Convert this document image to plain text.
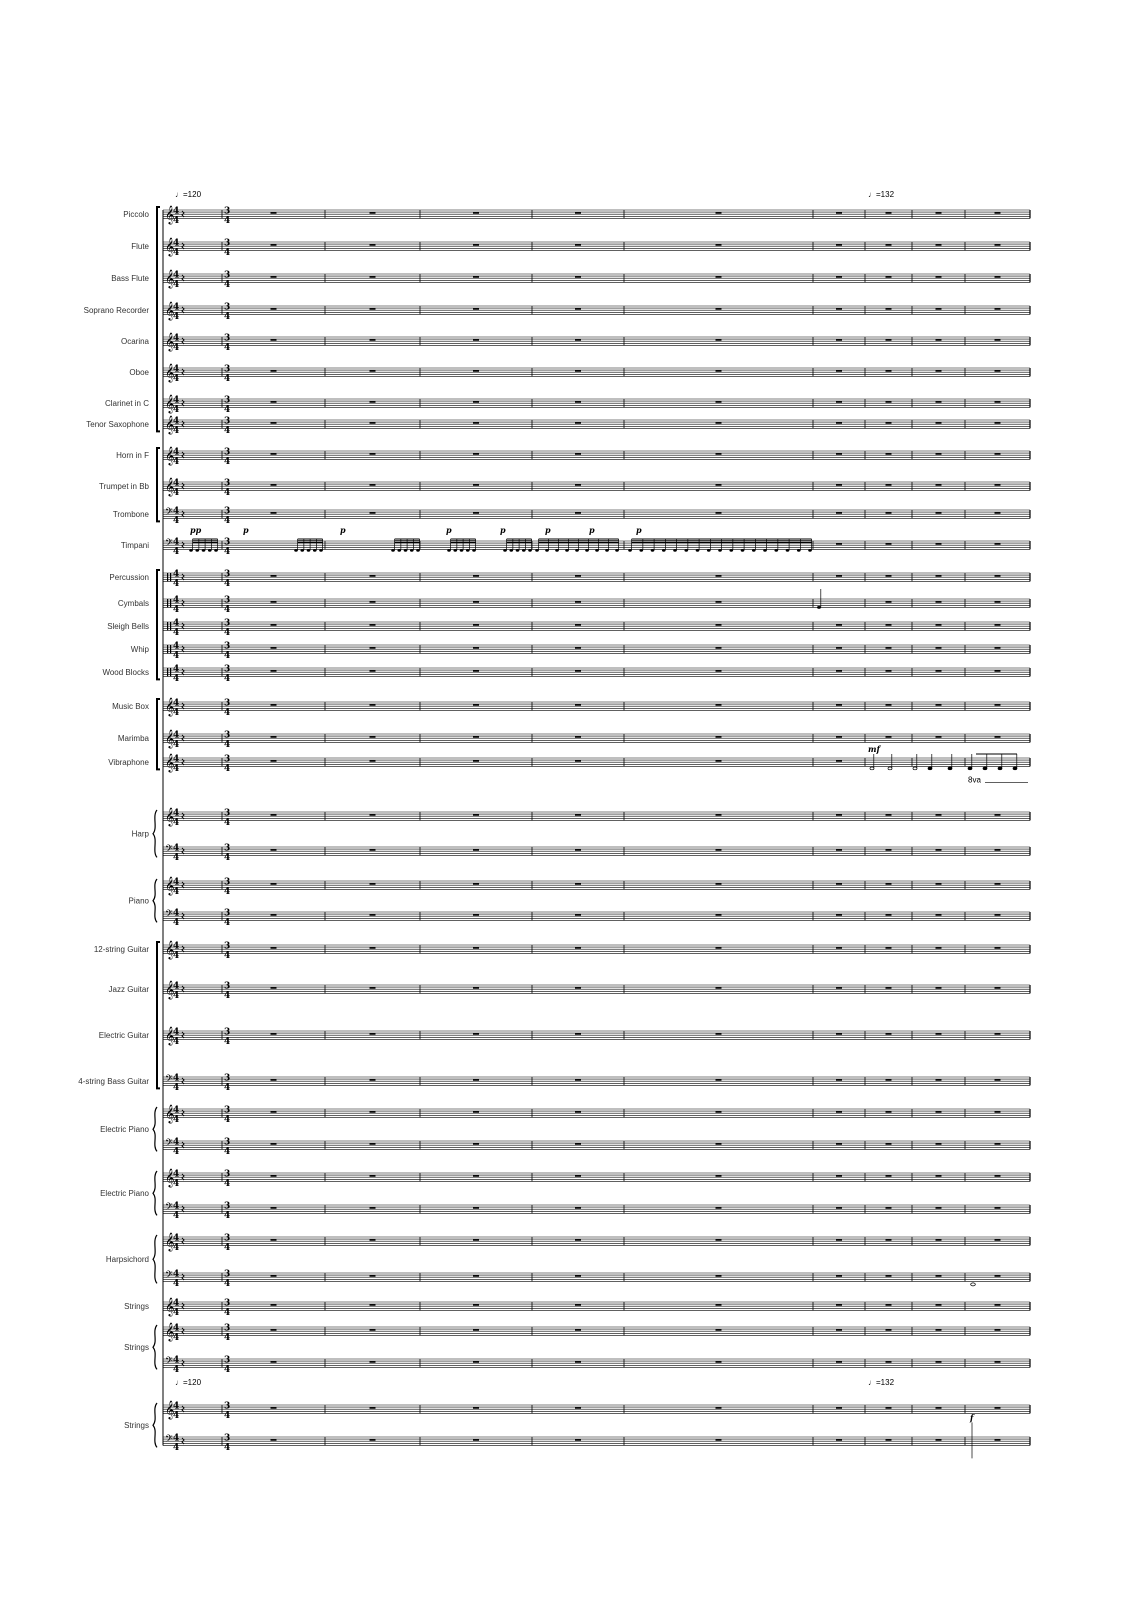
♩=120	♩=132
♩=120	♩=132
Piccolo
Flute
Bass Flute
Soprano Recorder
Ocarina
Oboe
Clarinet in C
Tenor Saxophone
Horn in F
Trumpet in Bb
Trombone
Timpani
Percussion
Cymbals
Sleigh Bells
Whip
Wood Blocks
Music Box
Marimba
Vibraphone
Harp
Piano
12-string Guitar
Jazz Guitar
Electric Guitar
4-string Bass Guitar
Electric Piano
Electric Piano
Harpsichord
Strings
Strings
Strings
𝄞
4
4
3
4
𝄞
4
4
3
4
𝄞
4
4
3
4
𝄞
4
4
3
4
𝄞
4
4
3
4
𝄞
4
4
3
4
𝄞
4
4
3
4
𝄞
4
4
3
4
𝄞
4
4
3
4
𝄞
4
4
3
4
𝄢 4
4
3
4
𝄢 4
4
3
4
4
4
3
4
4
4
3
4
4
4
3
4
4
4
3
4
4
4
3
4
𝄞
4
4
3
4
𝄞
4
4
3
4
𝄞
4
4
3
4
𝄞
4
4
3
4
𝄢 4
4
3
4
𝄞
4
4
3
4
𝄢 4
4
3
4
𝄞
4
4
3
4
𝄞
4
4
3
4
𝄞
4
4
3
4
𝄢 4
4
3
4
𝄞
4
4
3
4
𝄢 4
4
3
4
𝄞
4
4
3
4
𝄢 4
4
3
4
𝄞
4
4
3
4
𝄢 4
4
3
4
𝄞
4
4
3
4
𝄞
4
4
3
4
𝄢 4
4
3
4
𝄞
4
4
3
4
𝄢 4
4
3
4
pp	p	p	p	p	p	p	p
mf
8va
f
